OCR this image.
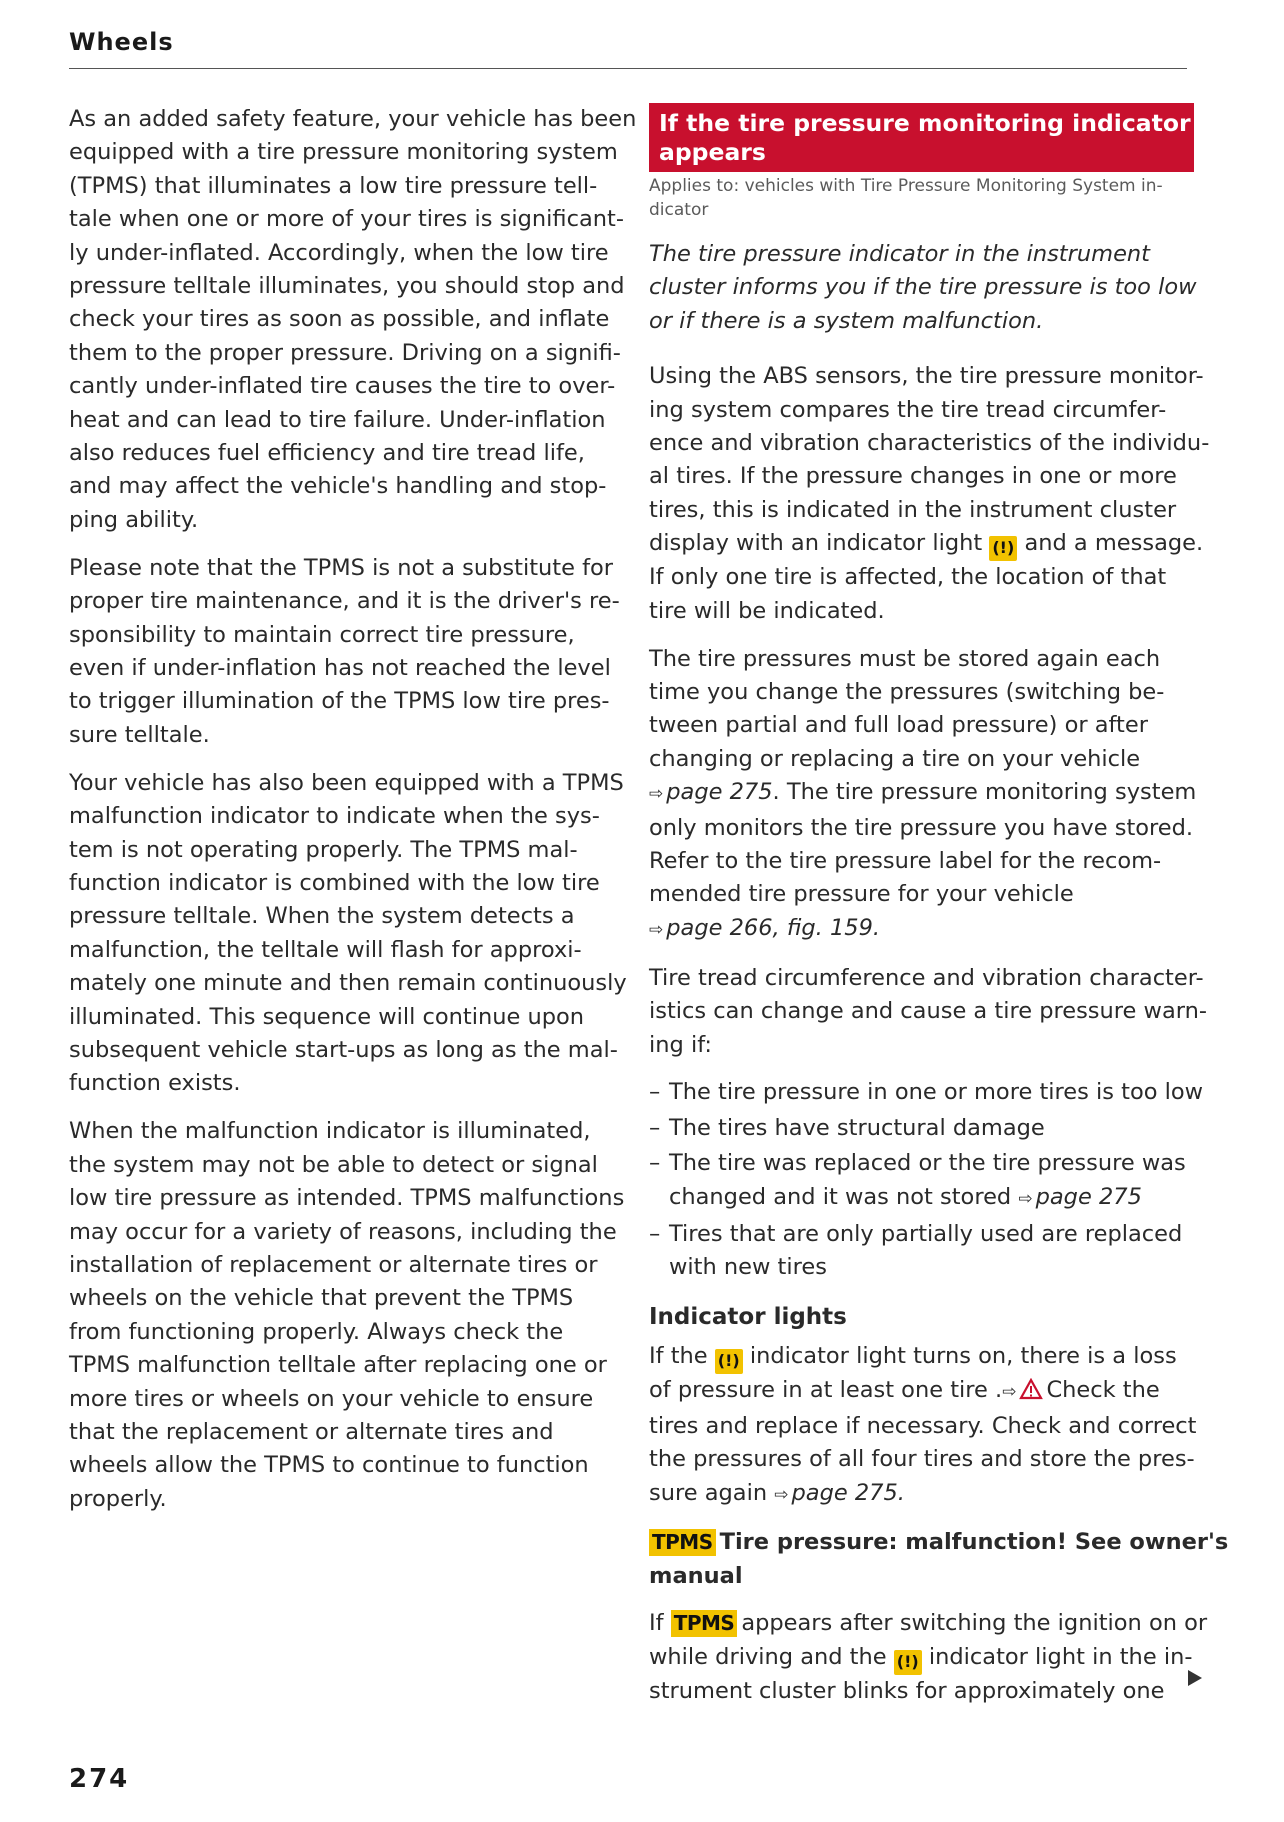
Wheels
As an added safety feature, your vehicle has been
equipped with a tire pressure monitoring system
(TPMS) that illuminates a low tire pressure tell-
tale when one or more of your tires is significant-
ly under-inflated. Accordingly, when the low tire
pressure telltale illuminates, you should stop and
check your tires as soon as possible, and inflate
them to the proper pressure. Driving on a signifi-
cantly under-inflated tire causes the tire to over-
heat and can lead to tire failure. Under-inflation
also reduces fuel efficiency and tire tread life,
and may affect the vehicle's handling and stop-
ping ability.
Please note that the TPMS is not a substitute for
proper tire maintenance, and it is the driver's re-
sponsibility to maintain correct tire pressure,
even if under-inflation has not reached the level
to trigger illumination of the TPMS low tire pres-
sure telltale.
Your vehicle has also been equipped with a TPMS
malfunction indicator to indicate when the sys-
tem is not operating properly. The TPMS mal-
function indicator is combined with the low tire
pressure telltale. When the system detects a
malfunction, the telltale will flash for approxi-
mately one minute and then remain continuously
illuminated. This sequence will continue upon
subsequent vehicle start-ups as long as the mal-
function exists.
When the malfunction indicator is illuminated,
the system may not be able to detect or signal
low tire pressure as intended. TPMS malfunctions
may occur for a variety of reasons, including the
installation of replacement or alternate tires or
wheels on the vehicle that prevent the TPMS
from functioning properly. Always check the
TPMS malfunction telltale after replacing one or
more tires or wheels on your vehicle to ensure
that the replacement or alternate tires and
wheels allow the TPMS to continue to function
properly.
If the tire pressure monitoring indicator
appears
Applies to: vehicles with Tire Pressure Monitoring System in-
dicator
The tire pressure indicator in the instrument
cluster informs you if the tire pressure is too low
or if there is a system malfunction.
Using the ABS sensors, the tire pressure monitor-
ing system compares the tire tread circumfer-
ence and vibration characteristics of the individu-
al tires. If the pressure changes in one or more
tires, this is indicated in the instrument cluster
display with an indicator light (!) and a message.
If only one tire is affected, the location of that
tire will be indicated.
The tire pressures must be stored again each
time you change the pressures (switching be-
tween partial and full load pressure) or after
changing or replacing a tire on your vehicle
⇨ page 275. The tire pressure monitoring system
only monitors the tire pressure you have stored.
Refer to the tire pressure label for the recom-
mended tire pressure for your vehicle
⇨ page 266, fig. 159.
Tire tread circumference and vibration character-
istics can change and cause a tire pressure warn-
ing if:
– The tire pressure in one or more tires is too low
– The tires have structural damage
– The tire was replaced or the tire pressure was
changed and it was not stored ⇨ page 275
– Tires that are only partially used are replaced
with new tires
Indicator lights
If the (!) indicator light turns on, there is a loss
of pressure in at least one tire .⇨ Check the
tires and replace if necessary. Check and correct
the pressures of all four tires and store the pres-
sure again ⇨ page 275.
TPMS Tire pressure: malfunction! See owner's
manual
If TPMS appears after switching the ignition on or
while driving and the (!) indicator light in the in-
strument cluster blinks for approximately one
274
